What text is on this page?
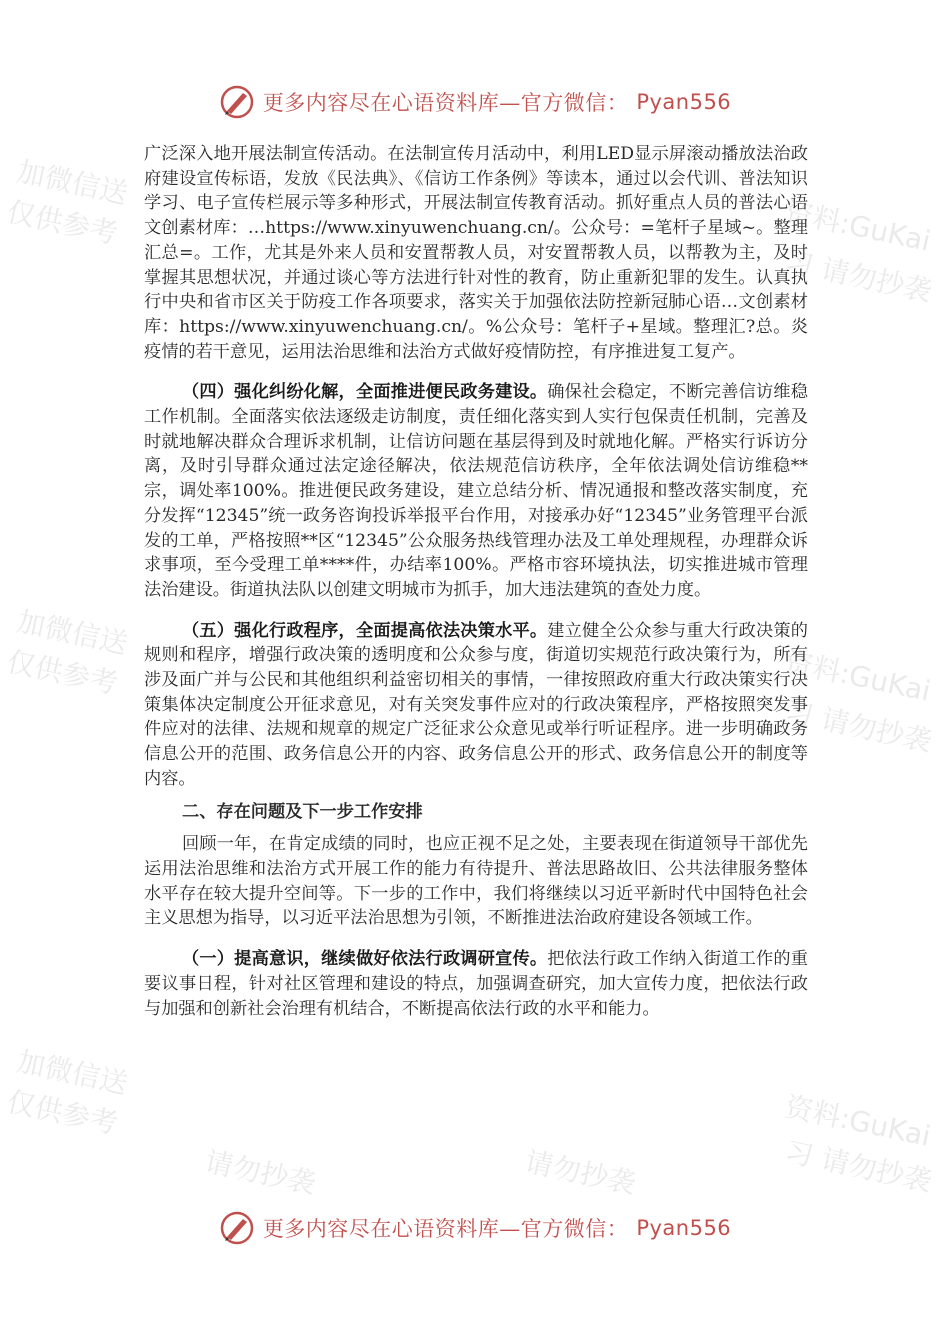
加微信送
仅供参考	资料:GuKai
习 请勿抄袭
加微信送
仅供参考	资料:GuKai
习 请勿抄袭
加微信送
仅供参考	资料:GuKai
习 请勿抄袭
请勿抄袭	请勿抄袭
更多内容尽在心语资料库—官方微信： Pyan556

广泛深入地开展法制宣传活动。在法制宣传月活动中，利用LED显示屏滚动播放法治政府建设宣传标语，发放《民法典》、《信访工作条例》等读本，通过以会代训、普法知识学习、电子宣传栏展示等多种形式，开展法制宣传教育活动。抓好重点人员的普法心语文创素材库：…https://www.xinyuwenchuang.cn/。公众号：=笔杆子星域~。整理汇总=。工作，尤其是外来人员和安置帮教人员，对安置帮教人员，以帮教为主，及时掌握其思想状况，并通过谈心等方法进行针对性的教育，防止重新犯罪的发生。认真执行中央和省市区关于防疫工作各项要求，落实关于加强依法防控新冠肺心语…文创素材库：https://www.xinyuwenchuang.cn/。%公众号：笔杆子+星域。整理汇?总。炎疫情的若干意见，运用法治思维和法治方式做好疫情防控，有序推进复工复产。

（四）强化纠纷化解，全面推进便民政务建设。确保社会稳定，不断完善信访维稳工作机制。全面落实依法逐级走访制度，责任细化落实到人实行包保责任机制，完善及时就地解决群众合理诉求机制，让信访问题在基层得到及时就地化解。严格实行诉访分离，及时引导群众通过法定途径解决，依法规范信访秩序，全年依法调处信访维稳**宗，调处率100%。推进便民政务建设，建立总结分析、情况通报和整改落实制度，充分发挥“12345”统一政务咨询投诉举报平台作用，对接承办好“12345”业务管理平台派发的工单，严格按照**区“12345”公众服务热线管理办法及工单处理规程，办理群众诉求事项，至今受理工单****件，办结率100%。严格市容环境执法，切实推进城市管理法治建设。街道执法队以创建文明城市为抓手，加大违法建筑的查处力度。

（五）强化行政程序，全面提高依法决策水平。建立健全公众参与重大行政决策的规则和程序，增强行政决策的透明度和公众参与度，街道切实规范行政决策行为，所有涉及面广并与公民和其他组织利益密切相关的事情，一律按照政府重大行政决策实行决策集体决定制度公开征求意见，对有关突发事件应对的行政决策程序，严格按照突发事件应对的法律、法规和规章的规定广泛征求公众意见或举行听证程序。进一步明确政务信息公开的范围、政务信息公开的内容、政务信息公开的形式、政务信息公开的制度等内容。

二、存在问题及下一步工作安排

回顾一年，在肯定成绩的同时，也应正视不足之处，主要表现在街道领导干部优先运用法治思维和法治方式开展工作的能力有待提升、普法思路故旧、公共法律服务整体水平存在较大提升空间等。下一步的工作中，我们将继续以习近平新时代中国特色社会主义思想为指导，以习近平法治思想为引领，不断推进法治政府建设各领域工作。

（一）提高意识，继续做好依法行政调研宣传。把依法行政工作纳入街道工作的重要议事日程，针对社区管理和建设的特点，加强调查研究，加大宣传力度，把依法行政与加强和创新社会治理有机结合，不断提高依法行政的水平和能力。

更多内容尽在心语资料库—官方微信： Pyan556
